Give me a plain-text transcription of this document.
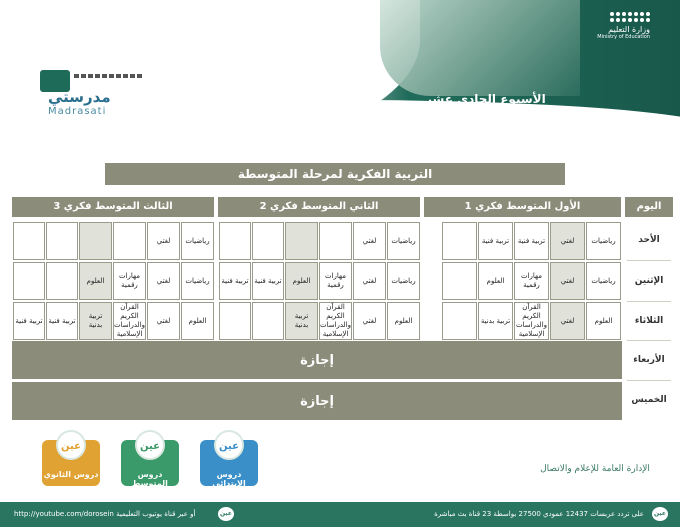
وزارة التعليم
Ministry of Education
الأسبوع الحادي عشر
الفصل الثالث 1443هـ
مدرستي
Madrasati
التربية الفكرية لمرحلة المتوسطة
اليوم
الأول المتوسط فكري 1
الثاني المتوسط فكري 2
الثالث المتوسط فكري 3
الأحد
الإثنين
الثلاثاء
الأربعاء
الخميس
رياضيات
لغتي
تربية فنية
تربية فنية
رياضيات
لغتي
رياضيات
لغتي
رياضيات
لغتي
مهارات رقمية
العلوم
رياضيات
لغتي
مهارات رقمية
العلوم
تربية فنية
تربية فنية
رياضيات
لغتي
مهارات رقمية
العلوم
العلوم
لغتي
القرآن الكريم والدراسات الإسلامية
تربية بدنية
العلوم
لغتي
القرآن الكريم والدراسات الإسلامية
تربية بدنية
العلوم
لغتي
القرآن الكريم والدراسات الإسلامية
تربية بدنية
تربية فنية
تربية فنية
إجازة
إجازة
عين
دروس الابتدائي
عين
دروس المتوسط
عين
دروس الثانوي
الإدارة العامة للإعلام والاتصال
عين
على تردد عربسات 12437 عمودي 27500 بواسطة 23 قناة بث مباشرة
عين
أو عبر قناة يوتيوب التعليمية http://youtube.com/dorosein
